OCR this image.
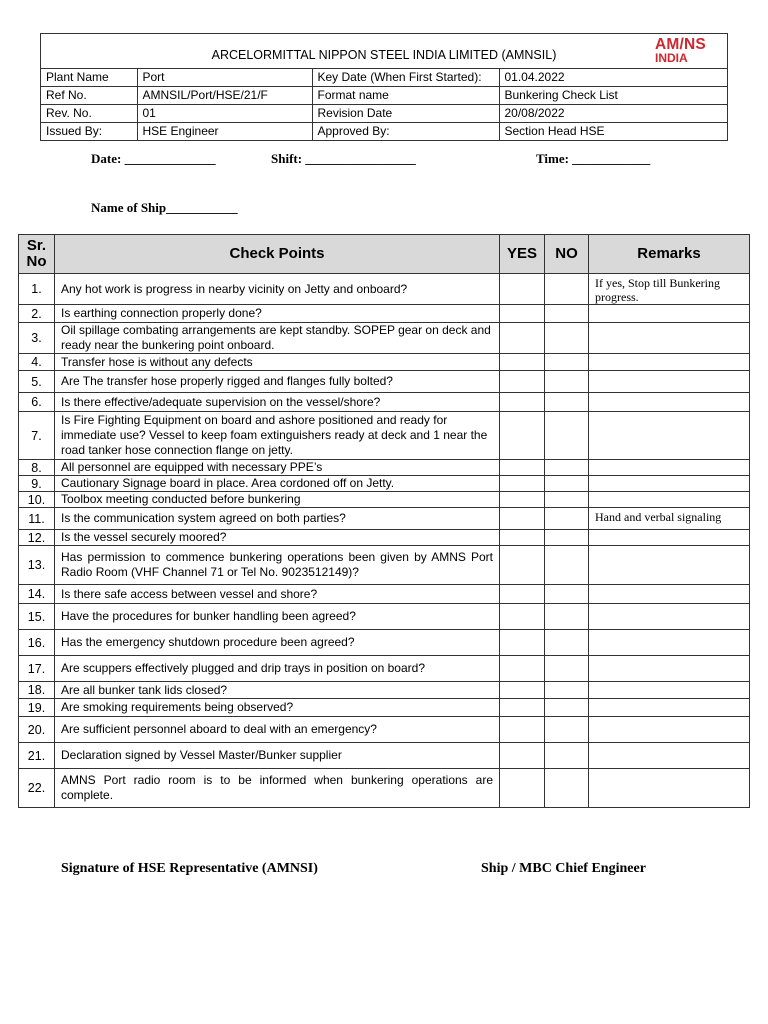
ARCELORMITTAL NIPPON STEEL INDIA LIMITED (AMNSIL)
AM/NS
INDIA
Plant Name	Port	Key Date (When First Started):	01.04.2022
Ref No.	AMNSIL/Port/HSE/21/F	Format name	Bunkering Check List
Rev. No.	01	Revision Date	20/08/2022
Issued By:	HSE Engineer	Approved By:	Section Head HSE
Date: ______________	Shift: _________________	Time: ____________
Name of Ship___________
Sr. No	Check Points	YES	NO	Remarks
1.	Any hot work is progress in nearby vicinity on Jetty and onboard?			If yes, Stop till Bunkering progress.
2.	Is earthing connection properly done?			
3.	Oil spillage combating arrangements are kept standby. SOPEP gear on deck and ready near the bunkering point onboard.			
4.	Transfer hose is without any defects			
5.	Are The transfer hose properly rigged and flanges fully bolted?			
6.	Is there effective/adequate supervision on the vessel/shore?			
7.	Is Fire Fighting Equipment on board and ashore positioned and ready for immediate use? Vessel to keep foam extinguishers ready at deck and 1 near the road tanker hose connection flange on jetty.			
8.	All personnel are equipped with necessary PPE’s			
9.	Cautionary Signage board in place. Area cordoned off on Jetty.			
10.	Toolbox meeting conducted before bunkering			
11.	Is the communication system agreed on both parties?			Hand and verbal signaling
12.	Is the vessel securely moored?			
13.	Has permission to commence bunkering operations been given by AMNS Port Radio Room (VHF Channel 71 or Tel No. 9023512149)?			
14.	Is there safe access between vessel and shore?			
15.	Have the procedures for bunker handling been agreed?			
16.	Has the emergency shutdown procedure been agreed?			
17.	Are scuppers effectively plugged and drip trays in position on board?			
18.	Are all bunker tank lids closed?			
19.	Are smoking requirements being observed?			
20.	Are sufficient personnel aboard to deal with an emergency?			
21.	Declaration signed by Vessel Master/Bunker supplier			
22.	AMNS Port radio room is to be informed when bunkering operations are complete.			
Signature of HSE Representative (AMNSI)	Ship / MBC Chief Engineer
